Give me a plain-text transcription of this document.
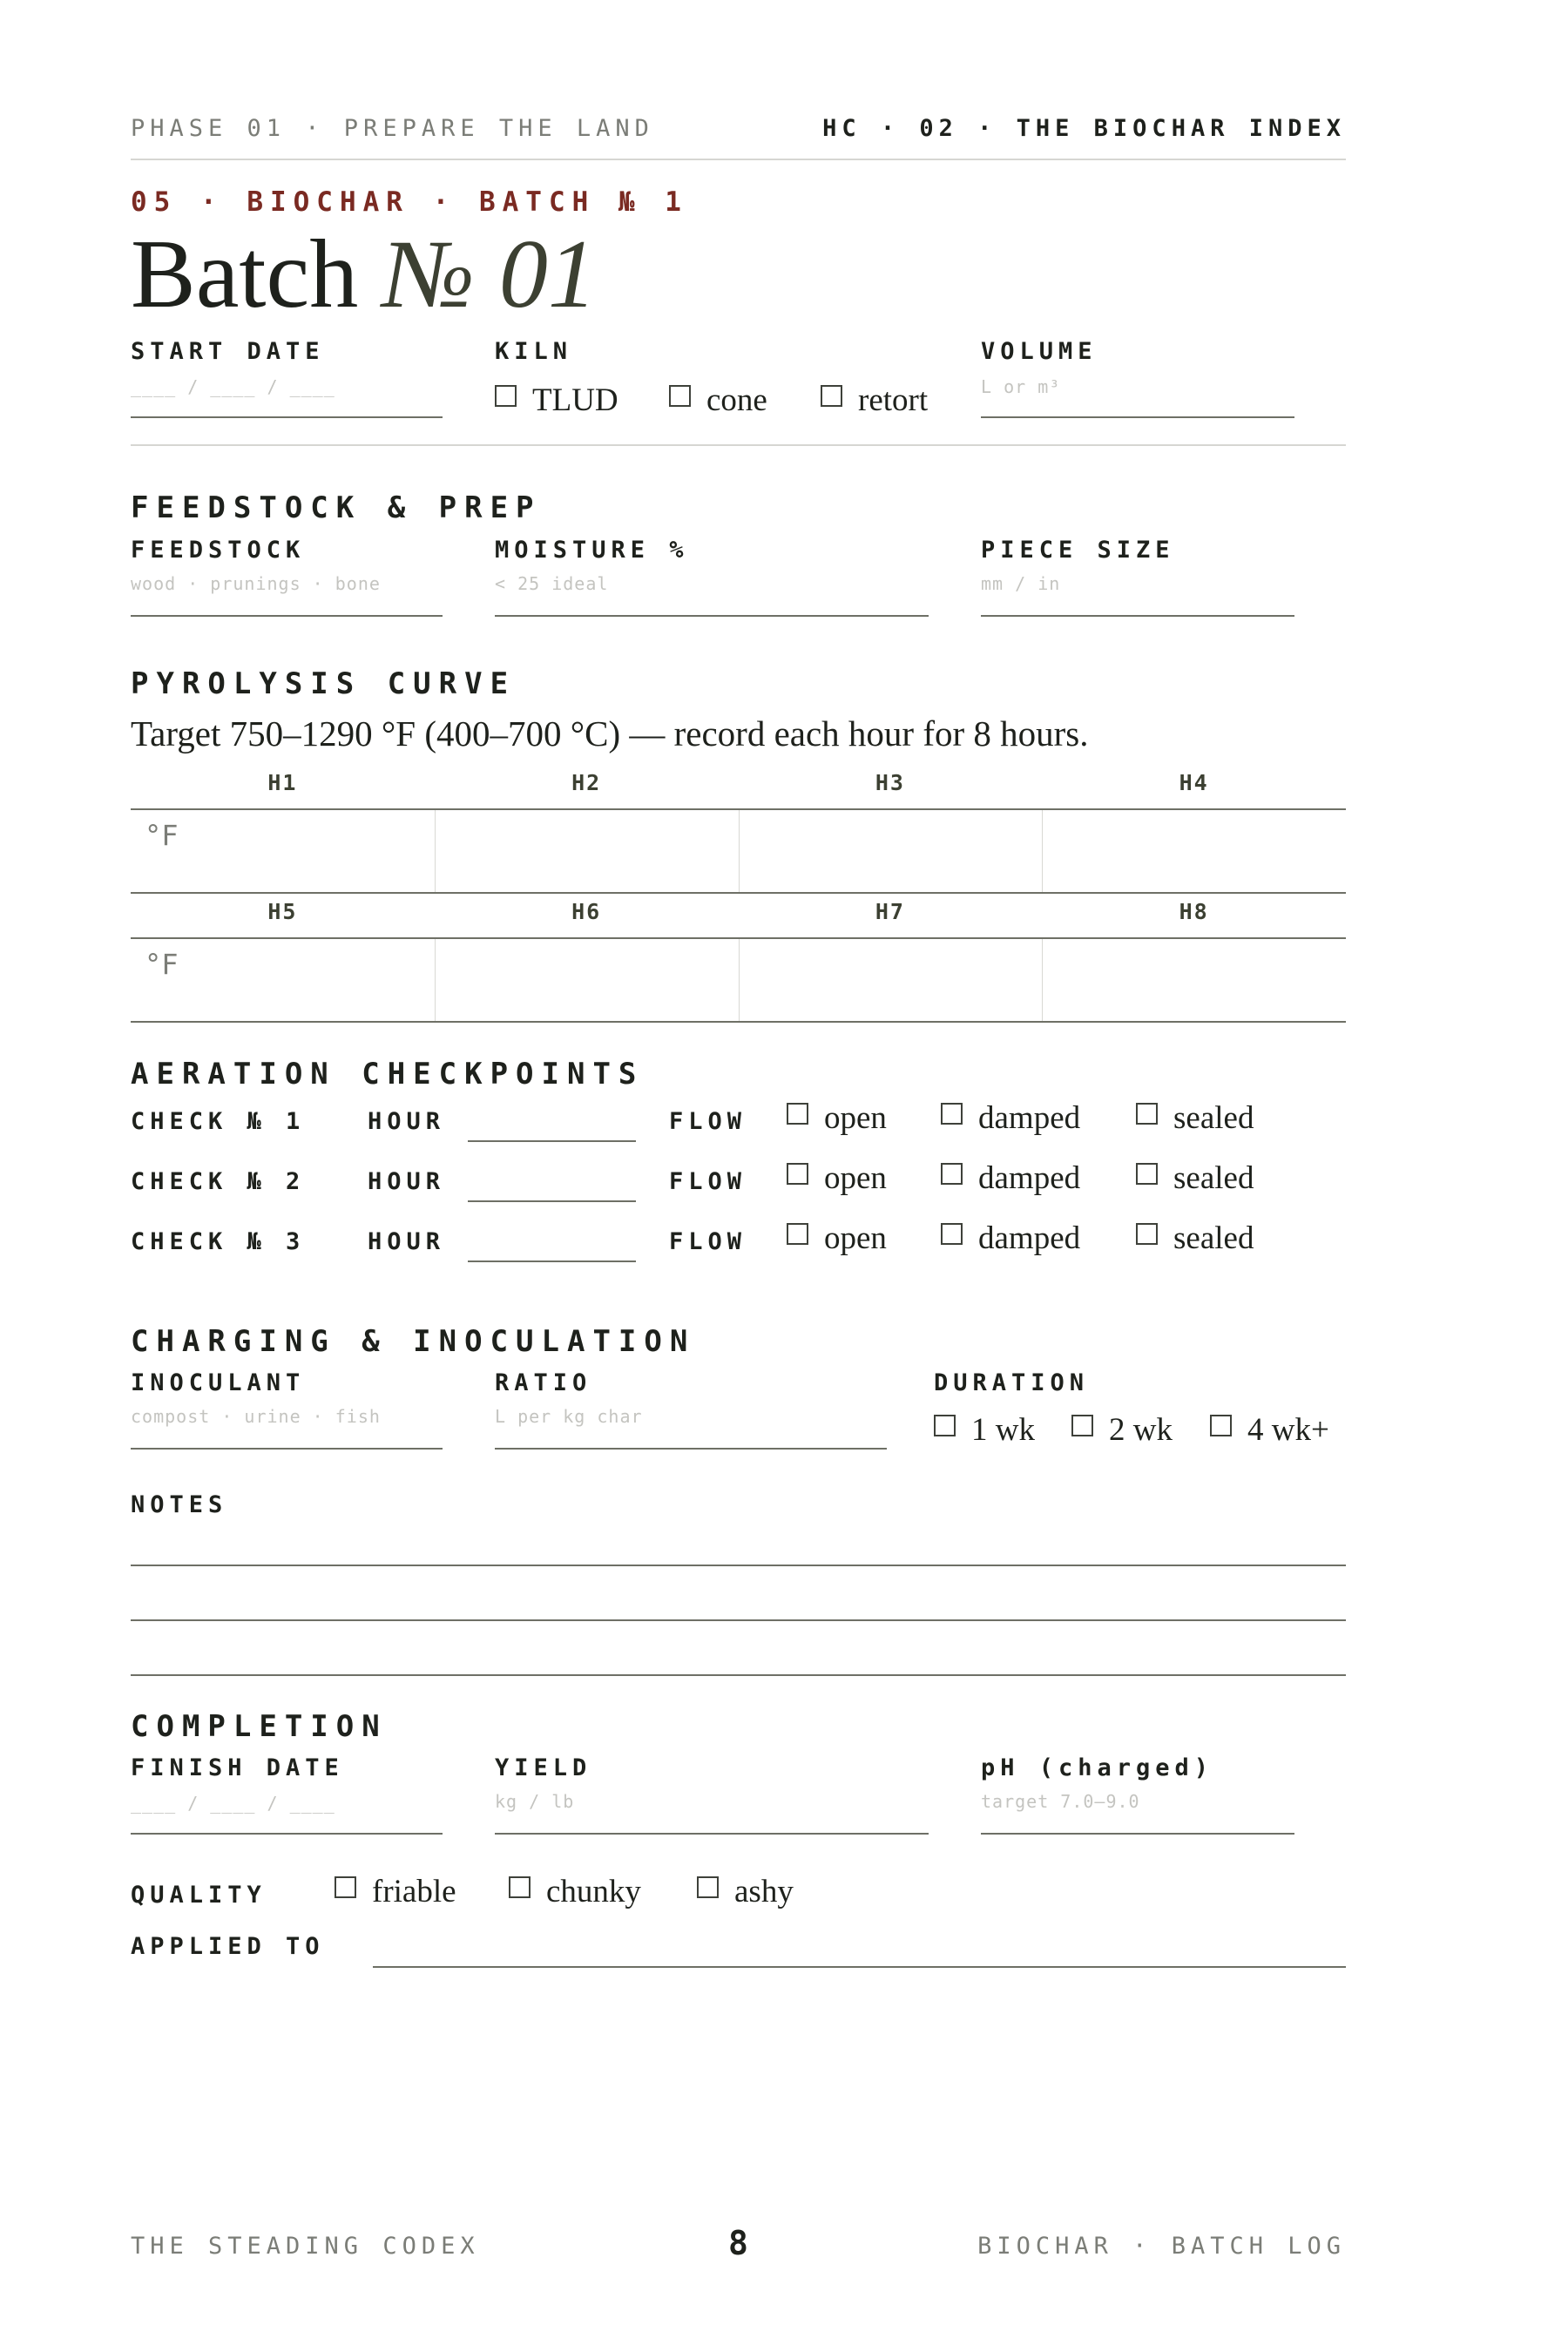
PHASE 01 · PREPARE THE LAND	HC · 02 · THE BIOCHAR INDEX
05 · BIOCHAR · BATCH № 1
Batch № 01
START DATE
____ / ____ / ____
KILN
TLUD	cone	retort
VOLUME
L or m³
FEEDSTOCK & PREP
FEEDSTOCK
wood · prunings · bone
MOISTURE %
< 25 ideal
PIECE SIZE
mm / in
PYROLYSIS CURVE
Target 750–1290 °F (400–700 °C) — record each hour for 8 hours.
H1	H2	H3	H4
°F
H5	H6	H7	H8
°F
AERATION CHECKPOINTS
CHECK № 1	HOUR	FLOW open	damped	sealed
CHECK № 2	HOUR	FLOW open	damped	sealed
CHECK № 3	HOUR	FLOW open	damped	sealed
CHARGING & INOCULATION
INOCULANT
compost · urine · fish
RATIO
L per kg char
DURATION
1 wk 2 wk 4 wk+
NOTES
COMPLETION
FINISH DATE
____ / ____ / ____
YIELD
kg / lb
pH (charged)
target 7.0–9.0
QUALITY	friable	chunky	ashy
APPLIED TO
THE STEADING CODEX	8	BIOCHAR · BATCH LOG
